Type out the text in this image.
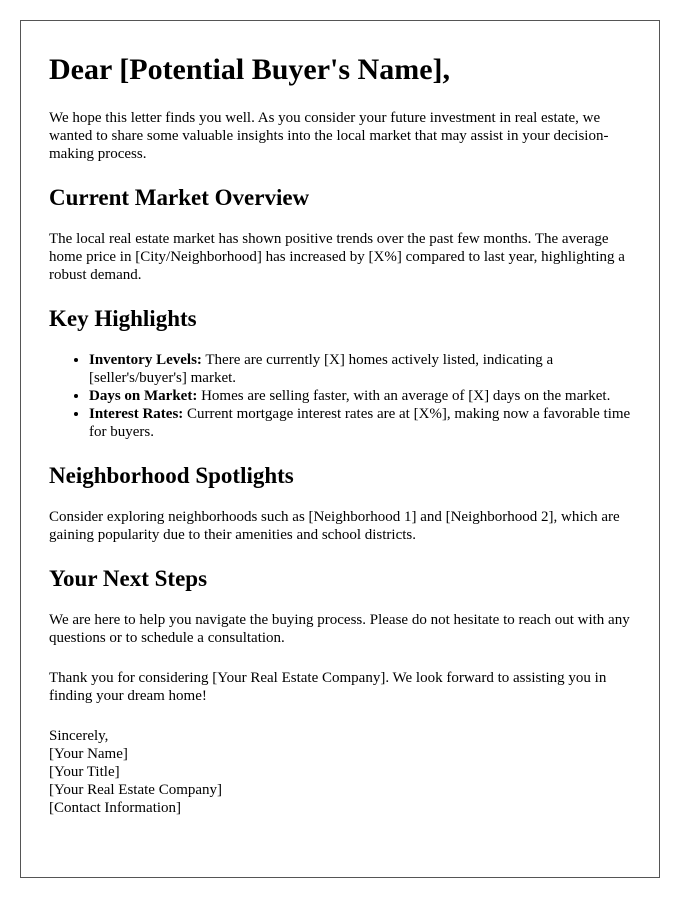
Dear [Potential Buyer's Name],

We hope this letter finds you well. As you consider your future investment in real estate, we wanted to share some valuable insights into the local market that may assist in your decision-making process.

Current Market Overview

The local real estate market has shown positive trends over the past few months. The average home price in [City/Neighborhood] has increased by [X%] compared to last year, highlighting a robust demand.

Key Highlights
• Inventory Levels: There are currently [X] homes actively listed, indicating a [seller's/buyer's] market.
• Days on Market: Homes are selling faster, with an average of [X] days on the market.
• Interest Rates: Current mortgage interest rates are at [X%], making now a favorable time for buyers.
Neighborhood Spotlights

Consider exploring neighborhoods such as [Neighborhood 1] and [Neighborhood 2], which are gaining popularity due to their amenities and school districts.

Your Next Steps

We are here to help you navigate the buying process. Please do not hesitate to reach out with any questions or to schedule a consultation.

Thank you for considering [Your Real Estate Company]. We look forward to assisting you in finding your dream home!

Sincerely,
[Your Name]
[Your Title]
[Your Real Estate Company]
[Contact Information]
